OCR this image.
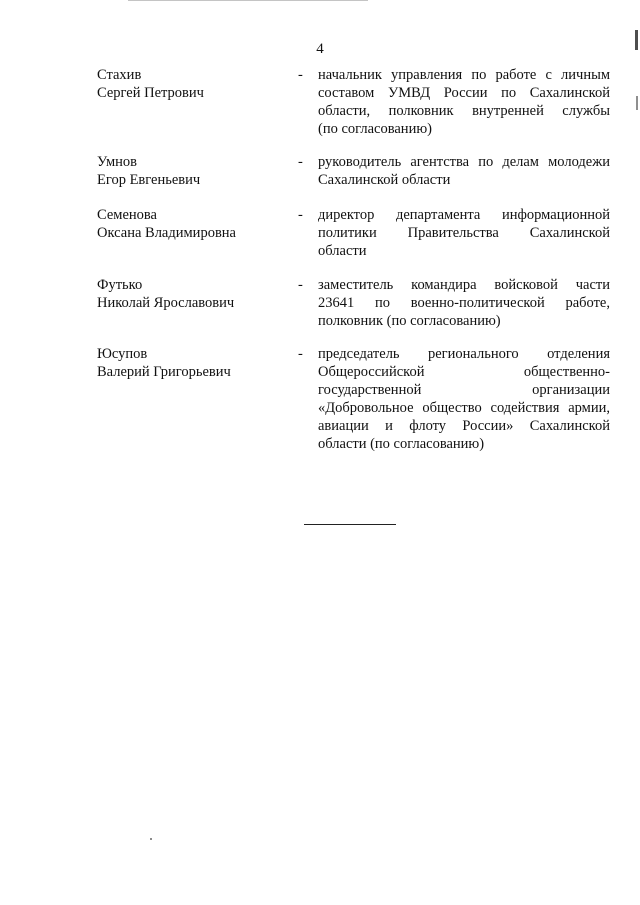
4
Стахив
Сергей Петрович
- начальник управления по работе с личным
составом УМВД России по Сахалинской
области, полковник внутренней службы
(по согласованию)
Умнов
Егор Евгеньевич
- руководитель агентства по делам молодежи
Сахалинской области
Семенова
Оксана Владимировна
- директор департамента информационной
политики Правительства Сахалинской
области
Футько
Николай Ярославович
- заместитель командира войсковой части
23641 по военно-политической работе,
полковник (по согласованию)
Юсупов
Валерий Григорьевич
- председатель регионального отделения
Общероссийской общественно-
государственной организации
«Добровольное общество содействия армии,
авиации и флоту России» Сахалинской
области (по согласованию)
